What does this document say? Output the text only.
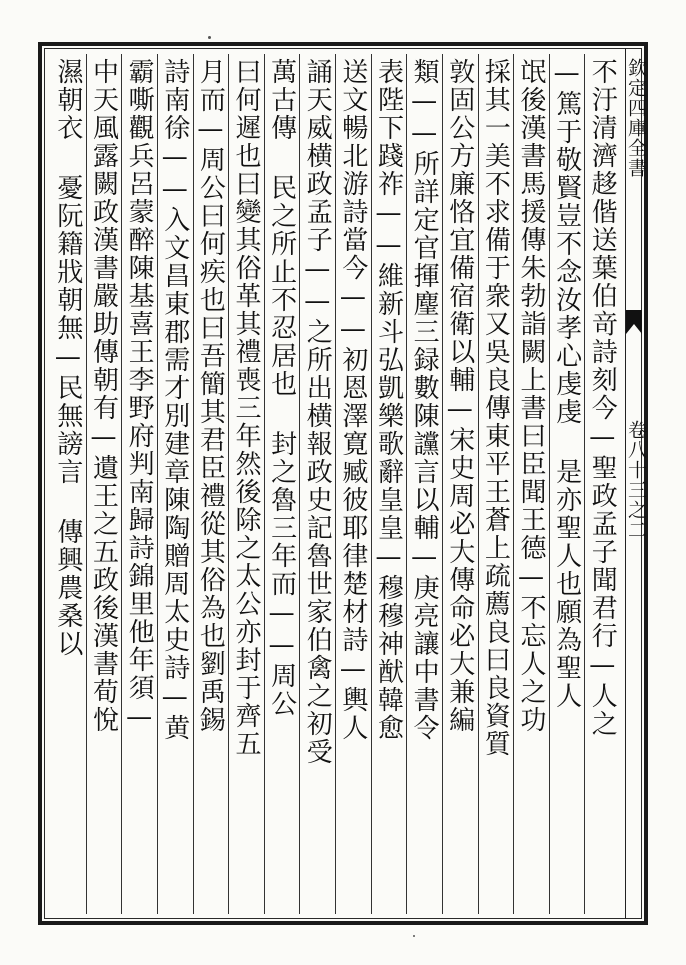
欽定四庫全書
卷八十三之二
不汙清濟趍偕送葉伯竒詩刻今—聖政孟子聞君行—人之
—篤于敬賢豈不念汝孝心虔虔 是亦聖人也願為聖人
氓後漢書馬援傳朱勃詣闕上書曰臣聞王德—不忘人之功
採其一美不求備于衆又吳良傳東平王蒼上疏薦良曰良資質
敦固公方廉恪宜備宿衛以輔—宋史周必大傳命必大兼編
類——所詳定官揮麈三録數陳讜言以輔—庚亮讓中書令
表陛下踐祚——維新斗弘凱樂歌辭皇皇—穆穆神猷韓愈
送文暢北游詩當今——初恩澤寛臧彼耶律楚材詩—輿人
誦天威横政孟子——之所出横報政史記魯世家伯禽之初受
萬古傳 民之所止不忍居也 封之魯三年而——周公
曰何遲也曰變其俗革其禮喪三年然後除之太公亦封于齊五
月而—周公曰何疾也曰吾簡其君臣禮從其俗為也劉禹錫
詩南徐——入文昌東郡需才別建章陳陶贈周太史詩—黄
霸嘶觀兵呂蒙醉陳基喜王李野府判南歸詩錦里他年須—
中天風露闕政漢書嚴助傳朝有—遺王之五政後漢書荀悅
濕朝衣 憂阮籍戕朝無—民無謗言 傳興農桑以
